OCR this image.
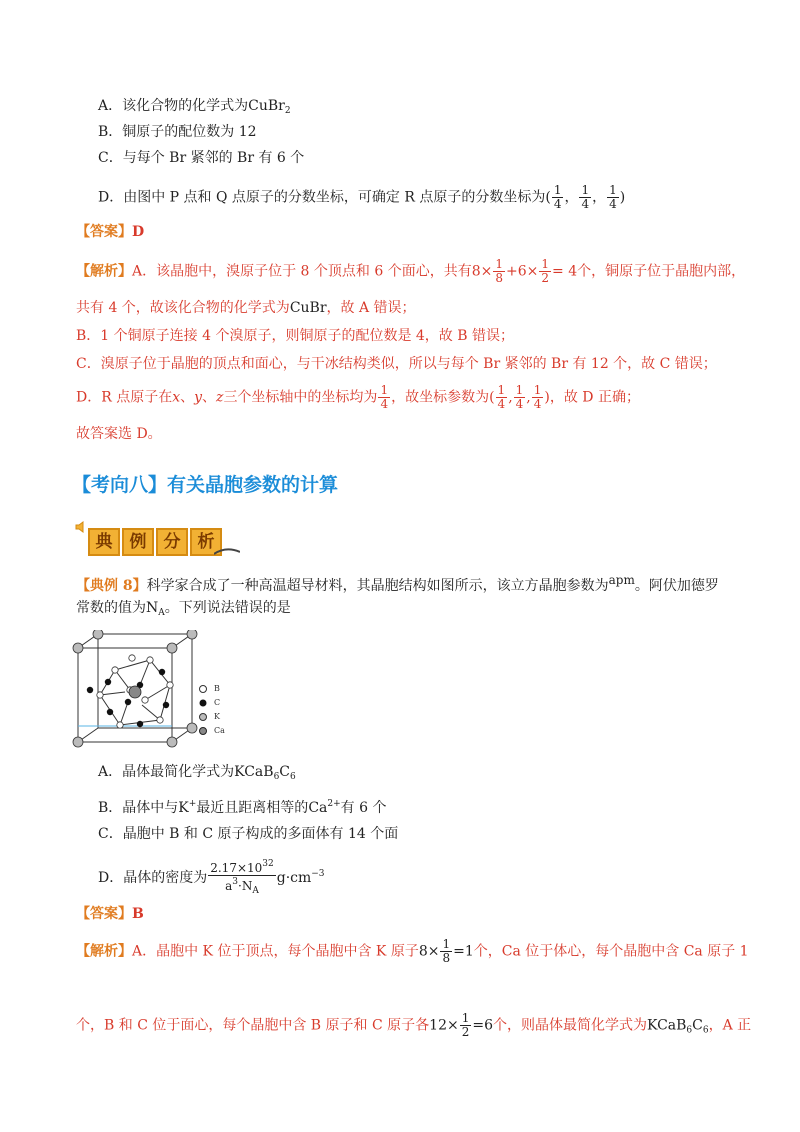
A．该化合物的化学式为CuBr$_2$
B．铜原子的配位数为 12
C．与每个 Br 紧邻的 Br 有 6 个
D．由图中 P 点和 Q 点原子的分数坐标，可确定 R 点原子的分数坐标为( $\frac{1}{4}$ ， $\frac{1}{4}$ ， $\frac{1}{4}$ )
【答案】D
【解析】A．该晶胞中，溴原子位于 8 个顶点和 6 个面心，共有$8\times \frac{1}{8} +6\times \frac{1}{2} = 4$个，铜原子位于晶胞内部，
共有 4 个，故该化合物的化学式为CuBr，故 A 错误；
B．1 个铜原子连接 4 个溴原子，则铜原子的配位数是 4，故 B 错误；
C．溴原子位于晶胞的顶点和面心，与干冰结构类似，所以与每个 Br 紧邻的 Br 有 12 个，故 C 错误；
D．R 点原子在x、y、z三个坐标轴中的坐标均为 $\frac{1}{4}$ ，故坐标参数为( $\frac{1}{4}$ , $\frac{1}{4}$ , $\frac{1}{4}$ )，故 D 正确；
故答案选 D。
【考向八】有关晶胞参数的计算
典	例	分	析
【典例 8】科学家合成了一种高温超导材料，其晶胞结构如图所示，该立方晶胞参数为apm。阿伏加德罗
常数的值为$N_A$。下列说法错误的是
B
C
K
Ca
A．晶体最简化学式为$KCaB_6C_6$
B．晶体中与K+最近且距离相等的$Ca^{2+}$有 6 个
C．晶胞中 B 和 C 原子构成的多面体有 14 个面
D．晶体的密度为 $\frac{2.17\times 10^{32}}{a^3\cdot N_A} g\cdot cm^{-3}$
【答案】B
【解析】A．晶胞中 K 位于顶点，每个晶胞中含 K 原子$8\times \frac{1}{8} =1$个，Ca 位于体心，每个晶胞中含 Ca 原子 1
个，B 和 C 位于面心，每个晶胞中含 B 原子和 C 原子各$12\times \frac{1}{2} =6$个，则晶体最简化学式为$KCaB_6C_6$，A 正
